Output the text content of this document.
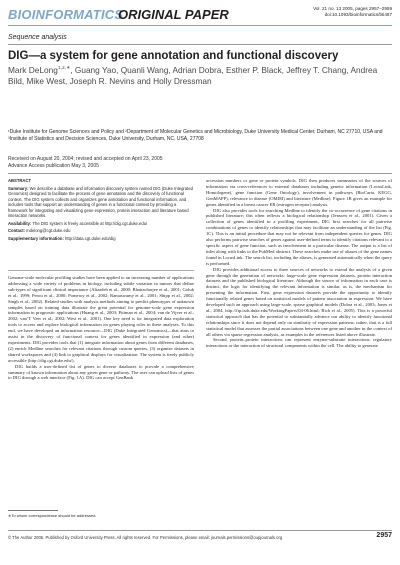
BIOINFORMATICS
ORIGINAL PAPER	Vol. 21 no. 13 2005, pages 2957–2959
doi:10.1093/bioinformatics/bti467
Sequence analysis
DIG—a system for gene annotation and functional discovery
Mark DeLong$^{1,2,∗}$, Guang Yao, Quanli Wang, Adrian Dobra, Esther P. Black, Jeffrey T. Chang, Andrea Bild, Mike West, Joseph R. Nevins and Holly Dressman
¹Duke Institute for Genome Sciences and Policy and ²Department of Molecular Genetics and Microbiology, Duke University Medical Center, Durham, NC 27710, USA and ³Institute of Statistics and Decision Sciences, Duke University, Durham, NC, USA, 27708
Received on August 20, 2004; revised and accepted on April 23, 2005
Advance Access publication May 3, 2005

ABSTRACT

Summary: We describe a database and information discovery system named DIG (Duke Integrated Genomics) designed to facilitate the process of gene annotation and the discovery of functional context. The DIG system collects and organizes gene annotation and functional information, and includes tools that support an understanding of genes in a functional context by providing a framework for integrating and visualizing gene expression, protein interaction and literature based interaction networks.

Availability: The DIG system is freely accessible at http://dig.cgt.duke.edu/

Contact: mdelong@cgt.duke.edu

Supplementary information: http://data.cgt.duke.edu/dig

Genome-scale molecular profiling studies have been applied to an increasing number of applications addressing a wide variety of problems in biology, including subtle variation in tumors that define sub-types of significant clinical importance (Alizadeh et al., 2000; Bhattacharjee et al., 2001; Golub et al., 1999; Perou et al., 2000; Pomeroy et al., 2002; Ramaswamy et al., 2001; Shipp et al., 2002; Singh et al., 2002). Related studies with analysis methods aiming to predict phenotypes of unknown samples based on training data illustrate the great potential for genome-scale gene expression information in prognostic applications (Huang et al., 2003; Pittman et al., 2004; van de Vijver et al., 2002; van’T Veer et al., 2002; West et al., 2001). One key need is for integrated data exploration tools to access and explore biological information on genes playing roles in these analyses. To this end, we have developed an information resource—DIG (Duke Integrated Genomics)—that aims to assist in the discovery of functional context for genes identified in expression (and other) experiments. DIG provides tools that (1) integrate information about genes from different databases, (2) enrich Medline searches for relevant citations through custom queries, (3) organize datasets in shared workspaces and (4) link to graphical displays for visualization. The system is freely publicly accessible (http://dig.cgt.duke.edu/).

DIG builds a user-defined list of genes to diverse databases to provide a comprehensive summary of known information about any given gene or pathway. The user can upload lists of genes to DIG through a web interface (Fig. 1A). DIG can accept GenBank

∗To whom correspondence should be addressed.

accession numbers or gene or protein symbols. DIG then produces summaries of the sources of information via cross-references to external databases including genetic information (LocusLink, Homologene), gene function (Gene Ontology), involvement in pathways (BioCarta, KEGG, GenMAPP), relevance to disease (OMIM) and literature (Medline). Figure 1B gives an example for genes identified in a breast cancer ER (estrogen receptor) analysis.

DIG also provides tools for searching Medline to identify the co-occurrence of gene citations in published literature; this often reflects a biological relationship (Jenssen et al., 2001). Given a collection of genes identified in a profiling experiment, DIG first searches for all pairwise combinations of genes to identify relationships that may facilitate an understanding of the list (Fig. 1C). This is an initial procedure that may not be relevant from independent queries for genes. DIG also performs pairwise searches of genes against user-defined terms to identify citations relevant to a specific aspect of gene function, such as involvement in a particular disease. The output is a list of titles along with links to the PubMed abstract. These searches make use of aliases of the gene names found in LocusLink. The search list, including the aliases, is generated automatically when the query is performed.

DIG provides additional access to three sources of networks to extend the analysis of a given gene through the generation of networks: large-scale gene expression datasets, protein interaction datasets and the published biological literature. Although the source of information in each case is distinct, the logic for identifying the relevant information is similar, as is, the mechanism for presenting the information. First, gene expression datasets provide the opportunity to identify functionally related genes based on statistical models of pattern association in expression. We have developed such an approach using large-scale, sparse graphical models (Dobra et al., 2003; Jones et al., 2004, http://ftp.isds.duke.edu/WorkingPapers/04-06.html; Rich et al., 2005). This is a powerful statistical approach that has the potential to substantially advance our ability to identify functional relationships since it does not depend only on similarity of expression patterns; rather, that is a full statistical model that assesses the partial associations between one gene and another in the context of all others via sparse regression analysis, as examples in the references listed above illustrate.

Second, protein–protein interactions can represent enzyme-substrate interactions, regulatory interactions or the interaction of structural components within the cell. The ability to generate

© The Author 2005. Published by Oxford University Press. All rights reserved. For Permissions, please email: journals.permissions@oupjournals.org	2957
